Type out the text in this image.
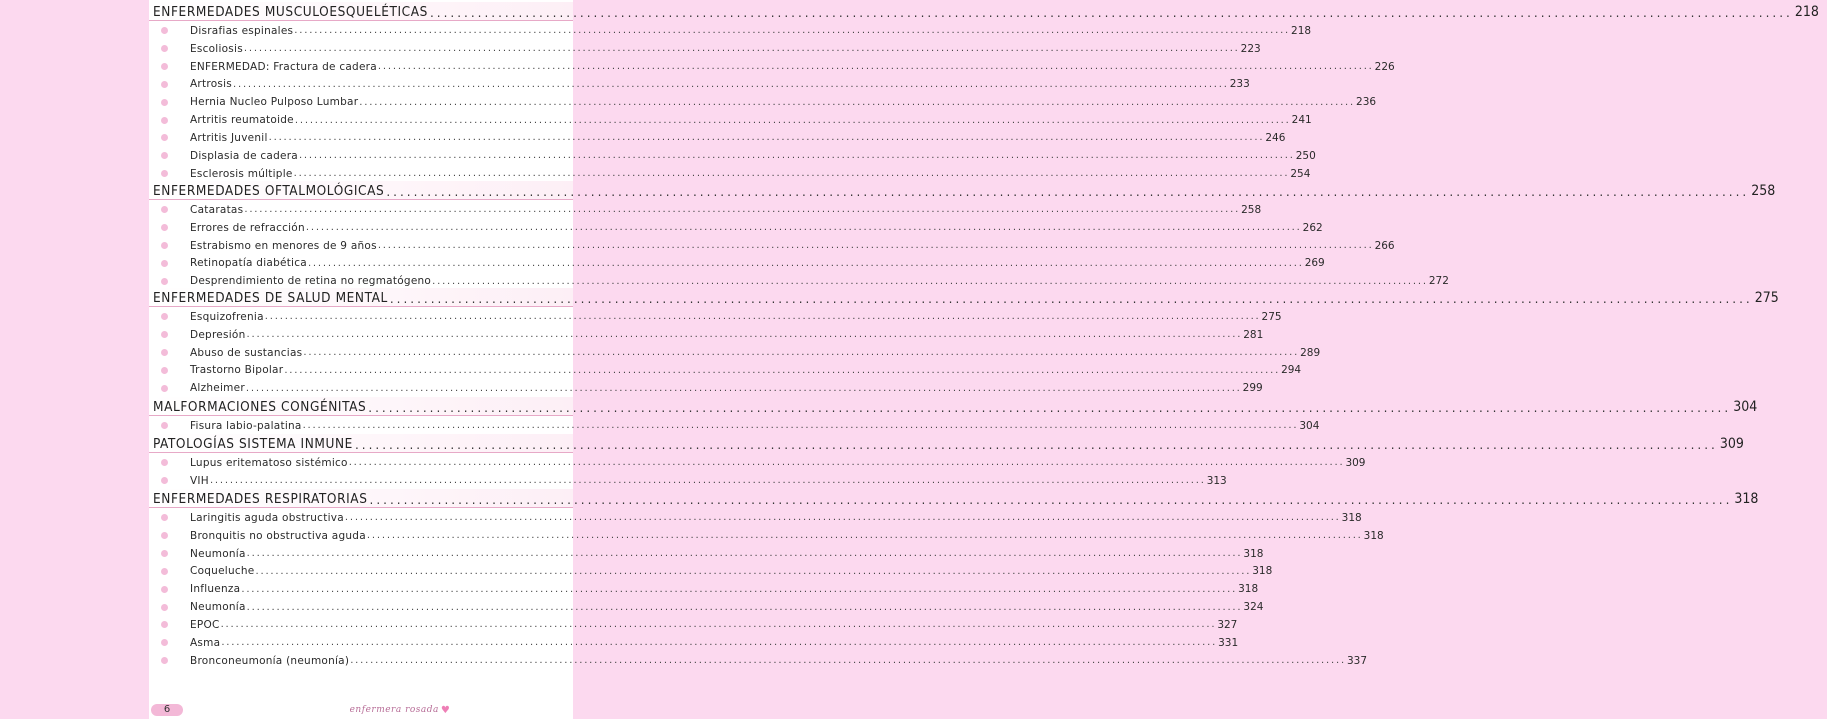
ENFERMEDADES MUSCULOESQUELÉTICAS ........................................................................................................................................................................................................ 218
Disrafias espinales ........................................................................................................................................................................................................ 218
Escoliosis ........................................................................................................................................................................................................ 223
ENFERMEDAD: Fractura de cadera ........................................................................................................................................................................................................ 226
Artrosis ........................................................................................................................................................................................................ 233
Hernia Nucleo Pulposo Lumbar ........................................................................................................................................................................................................ 236
Artritis reumatoide ........................................................................................................................................................................................................ 241
Artritis Juvenil ........................................................................................................................................................................................................ 246
Displasia de cadera ........................................................................................................................................................................................................ 250
Esclerosis múltiple ........................................................................................................................................................................................................ 254
ENFERMEDADES OFTALMOLÓGICAS ........................................................................................................................................................................................................ 258
Cataratas ........................................................................................................................................................................................................ 258
Errores de refracción ........................................................................................................................................................................................................ 262
Estrabismo en menores de 9 años ........................................................................................................................................................................................................ 266
Retinopatía diabética ........................................................................................................................................................................................................ 269
Desprendimiento de retina no regmatógeno ........................................................................................................................................................................................................ 272
ENFERMEDADES DE SALUD MENTAL ........................................................................................................................................................................................................ 275
Esquizofrenia ........................................................................................................................................................................................................ 275
Depresión ........................................................................................................................................................................................................ 281
Abuso de sustancias ........................................................................................................................................................................................................ 289
Trastorno Bipolar ........................................................................................................................................................................................................ 294
Alzheimer ........................................................................................................................................................................................................ 299
MALFORMACIONES CONGÉNITAS ........................................................................................................................................................................................................ 304
Fisura labio-palatina ........................................................................................................................................................................................................ 304
PATOLOGÍAS SISTEMA INMUNE ........................................................................................................................................................................................................ 309
Lupus eritematoso sistémico ........................................................................................................................................................................................................ 309
VIH ........................................................................................................................................................................................................ 313
ENFERMEDADES RESPIRATORIAS ........................................................................................................................................................................................................ 318
Laringitis aguda obstructiva ........................................................................................................................................................................................................ 318
Bronquitis no obstructiva aguda ........................................................................................................................................................................................................ 318
Neumonía ........................................................................................................................................................................................................ 318
Coqueluche ........................................................................................................................................................................................................ 318
Influenza ........................................................................................................................................................................................................ 318
Neumonía ........................................................................................................................................................................................................ 324
EPOC ........................................................................................................................................................................................................ 327
Asma ........................................................................................................................................................................................................ 331
Bronconeumonía (neumonía) ........................................................................................................................................................................................................ 337
6	enfermera rosada ♥
